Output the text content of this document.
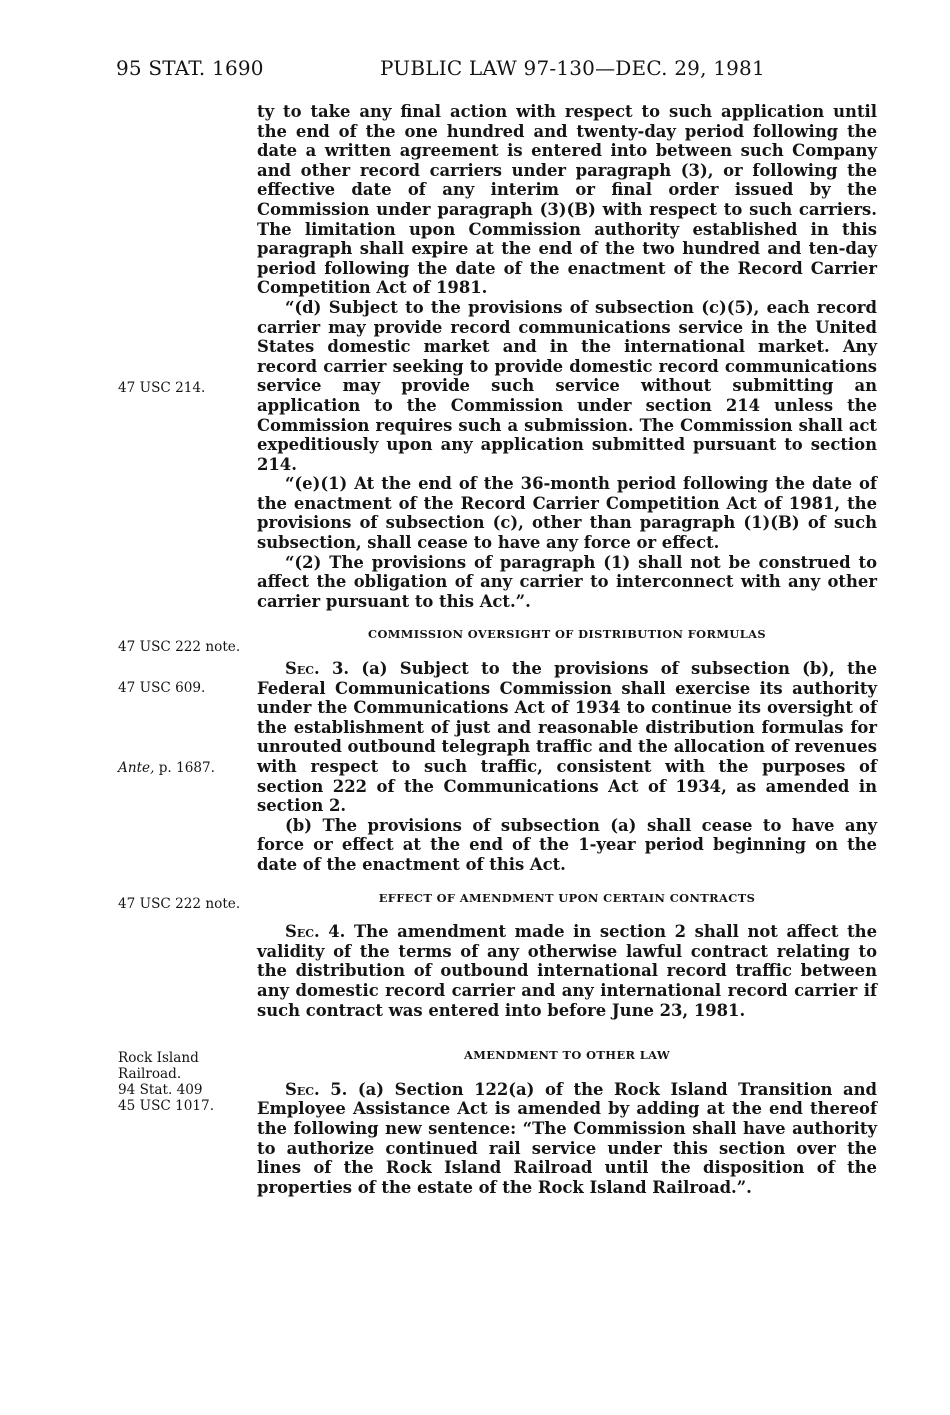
95 STAT. 1690	PUBLIC LAW 97-130—DEC. 29, 1981
47 USC 214.
47 USC 222 note.
47 USC 609.
Ante, p. 1687.
47 USC 222 note.
Rock Island
Railroad.
94 Stat. 409
45 USC 1017.

ty to take any final action with respect to such application until the end of the one hundred and twenty-day period following the date a written agreement is entered into between such Company and other record carriers under paragraph (3), or following the effective date of any interim or final order issued by the Commission under paragraph (3)(B) with respect to such carriers. The limitation upon Commission authority established in this paragraph shall expire at the end of the two hundred and ten-day period following the date of the enactment of the Record Carrier Competition Act of 1981.

“(d) Subject to the provisions of subsection (c)(5), each record carrier may provide record communications service in the United States domestic market and in the international market. Any record carrier seeking to provide domestic record communications service may provide such service without submitting an application to the Commission under section 214 unless the Commission requires such a submission. The Commission shall act expeditiously upon any application submitted pursuant to section 214.

“(e)(1) At the end of the 36-month period following the date of the enactment of the Record Carrier Competition Act of 1981, the provisions of subsection (c), other than paragraph (1)(B) of such subsection, shall cease to have any force or effect.

“(2) The provisions of paragraph (1) shall not be construed to affect the obligation of any carrier to interconnect with any other carrier pursuant to this Act.”.

COMMISSION OVERSIGHT OF DISTRIBUTION FORMULAS

Sec. 3. (a) Subject to the provisions of subsection (b), the Federal Communications Commission shall exercise its authority under the Communications Act of 1934 to continue its oversight of the establishment of just and reasonable distribution formulas for unrouted outbound telegraph traffic and the allocation of revenues with respect to such traffic, consistent with the purposes of section 222 of the Communications Act of 1934, as amended in section 2.

(b) The provisions of subsection (a) shall cease to have any force or effect at the end of the 1-year period beginning on the date of the enactment of this Act.

EFFECT OF AMENDMENT UPON CERTAIN CONTRACTS

Sec. 4. The amendment made in section 2 shall not affect the validity of the terms of any otherwise lawful contract relating to the distribution of outbound international record traffic between any domestic record carrier and any international record carrier if such contract was entered into before June 23, 1981.

AMENDMENT TO OTHER LAW

Sec. 5. (a) Section 122(a) of the Rock Island Transition and Employee Assistance Act is amended by adding at the end thereof the following new sentence: “The Commission shall have authority to authorize continued rail service under this section over the lines of the Rock Island Railroad until the disposition of the properties of the estate of the Rock Island Railroad.”.
